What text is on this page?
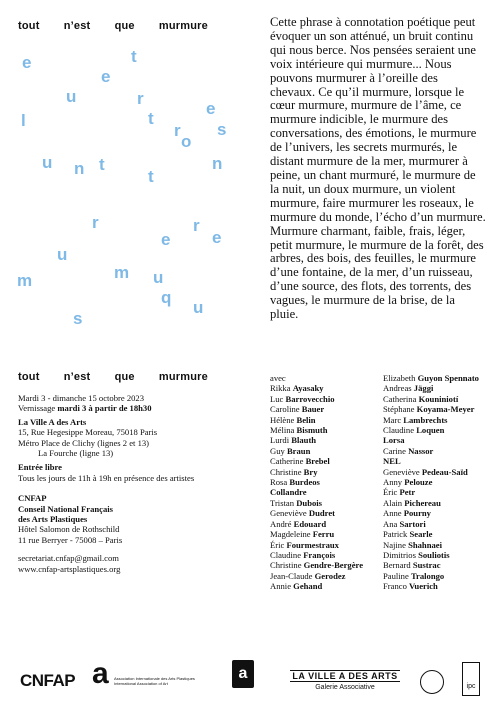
tout n’est que murmure
e	t
e
u	r
t
r
e
s
l
o
n
u	t
t
n
r	r
e
e
u
u
m	m
q
s
u
Cette phrase à connotation poétique peut évoquer un son atténué, un bruit continu qui nous berce. Nos pensées seraient une voix intérieure qui murmure... Nous pouvons murmurer à l’oreille des chevaux. Ce qu’il murmure, lorsque le cœur murmure, murmure de l’âme, ce murmure indicible, le murmure des conversations, des émotions, le murmure de l’univers, les secrets murmurés, le distant murmure de la mer, murmurer à peine, un chant murmuré, le murmure de la nuit, un doux murmure, un violent murmure, faire murmurer les roseaux, le murmure du monde, l’écho d’un murmure. Murmure charmant, faible, frais, léger, petit murmure, le murmure de la forêt, des arbres, des bois, des feuilles, le murmure d’une fontaine, de la mer, d’un ruisseau, d’une source, des flots, des torrents, des vagues, le murmure de la brise, de la pluie.
tout n’est que murmure
Mardi 3 - dimanche 15 octobre 2023
Vernissage mardi 3 à partir de 18h30
La Ville A des Arts
15, Rue Hegesippe Moreau, 75018 Paris
Métro Place de Clichy (lignes 2 et 13)
La Fourche (ligne 13)
Entrée libre
Tous les jours de 11h à 19h en présence des artistes
CNFAP
Conseil National Français
des Arts Plastiques
Hôtel Salomon de Rothschild
11 rue Berryer - 75008 – Paris
secretariat.cnfap@gmail.com
www.cnfap-artsplastiques.org
avec
Rikka Ayasaky
Luc Barrovecchio
Caroline Bauer
Hélène Belin
Mélina Bismuth
Lurdi Blauth
Guy Braun
Catherine Brebel
Christine Bry
Rosa Burdeos
Collandre
Tristan Dubois
Geneviève Dudret
André Edouard
Magdeleine Ferru
Éric Fourmestraux
Claudine François
Christine Gendre-Bergère
Jean-Claude Gerodez
Annie Gehand
Elizabeth Guyon Spennato
Andreas Jäggi
Catherina Kouniniotí
Stéphane Koyama-Meyer
Marc Lambrechts
Claudine Loquen
Lorsa
Carine Nassor
NEL
Geneviève Pedeau-Saïd
Anny Pelouze
Éric Petr
Alain Pichereau
Anne Pourny
Ana Sartori
Patrick Searle
Najine Shahnaei
Dimitrios Souliotis
Bernard Sustrac
Pauline Tralongo
Franco Vuerich
CNFAP a	Association Internationale des Arts Plastiques
International Association of Art
a	LA VILLE A DES ARTS
Galerie Associative	ipc
